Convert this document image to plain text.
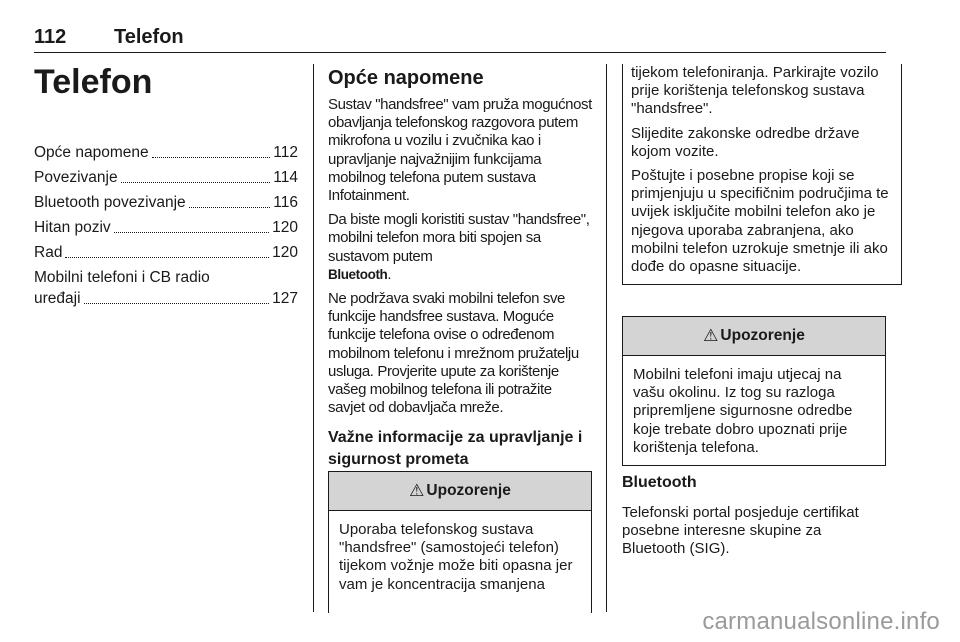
112 Telefon
Telefon
Opće napomene	112
Povezivanje	114
Bluetooth povezivanje	116
Hitan poziv	120
Rad	120
Mobilni telefoni i CB radio
uređaji	127
Opće napomene

Sustav "handsfree" vam pruža mogućnost obavljanja telefonskog razgovora putem mikrofona u vozilu i zvučnika kao i upravljanje najvažnijim funkcijama mobilnog telefona putem sustava Infotainment.

Da biste mogli koristiti sustav "handsfree", mobilni telefon mora biti spojen sa sustavom putem
Bluetooth.

Ne podržava svaki mobilni telefon sve funkcije handsfree sustava. Moguće funkcije telefona ovise o određenom mobilnom telefonu i mrežnom pružatelju usluga. Provjerite upute za korištenje vašeg mobilnog telefona ili potražite savjet od dobavljača mreže.

Važne informacije za upravljanje i sigurnost prometa
⚠ Upozorenje

Uporaba telefonskog sustava "handsfree" (samostojeći telefon) tijekom vožnje može biti opasna jer vam je koncentracija smanjena

tijekom telefoniranja. Parkirajte vozilo prije korištenja telefonskog sustava "handsfree".

Slijedite zakonske odredbe države kojom vozite.

Poštujte i posebne propise koji se primjenjuju u specifičnim područjima te uvijek isključite mobilni telefon ako je njegova uporaba zabranjena, ako mobilni telefon uzrokuje smetnje ili ako dođe do opasne situacije.

⚠ Upozorenje

Mobilni telefoni imaju utjecaj na vašu okolinu. Iz tog su razloga pripremljene sigurnosne odredbe koje trebate dobro upoznati prije korištenja telefona.

Bluetooth

Telefonski portal posjeduje certifikat posebne interesne skupine za Bluetooth (SIG).

carmanualsonline.info
